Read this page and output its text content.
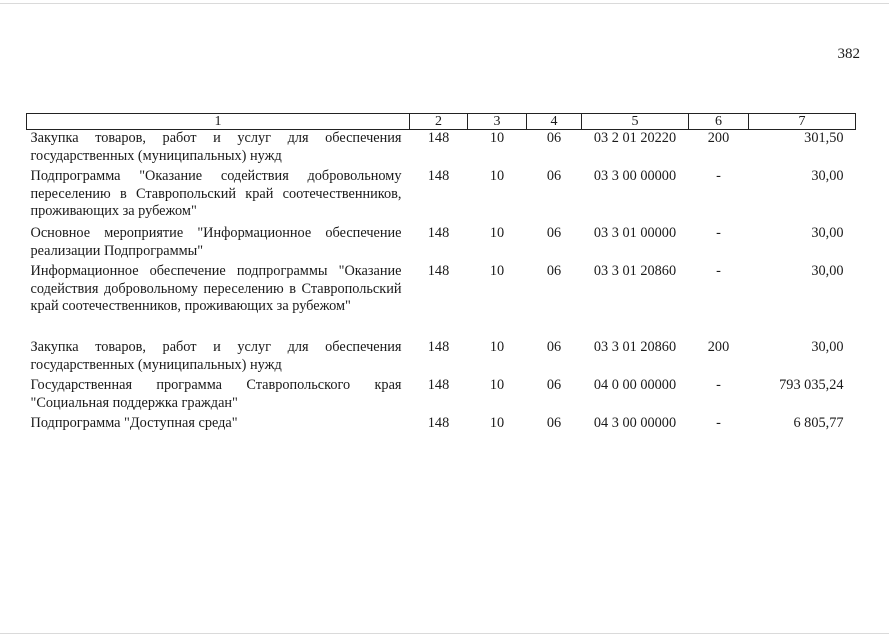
382
1	2	3	4	5	6	7
Закупка товаров, работ и услуг для обеспечения государственных (муниципальных) нужд	148	10	06	03 2 01 20220	200	301,50
Подпрограмма "Оказание содействия добровольному переселению в Ставропольский край соотечественников, проживающих за рубежом"	148	10	06	03 3 00 00000	-	30,00
Основное мероприятие "Информационное обеспечение реализации Подпрограммы"	148	10	06	03 3 01 00000	-	30,00
Информационное обеспечение подпрограммы "Оказание содействия добровольному переселению в Ставропольский край соотечественников, проживающих за рубежом"	148	10	06	03 3 01 20860	-	30,00
Закупка товаров, работ и услуг для обеспечения государственных (муниципальных) нужд	148	10	06	03 3 01 20860	200	30,00
Государственная программа Ставропольского края "Социальная поддержка граждан"	148	10	06	04 0 00 00000	-	793 035,24
Подпрограмма "Доступная среда"	148	10	06	04 3 00 00000	-	6 805,77
